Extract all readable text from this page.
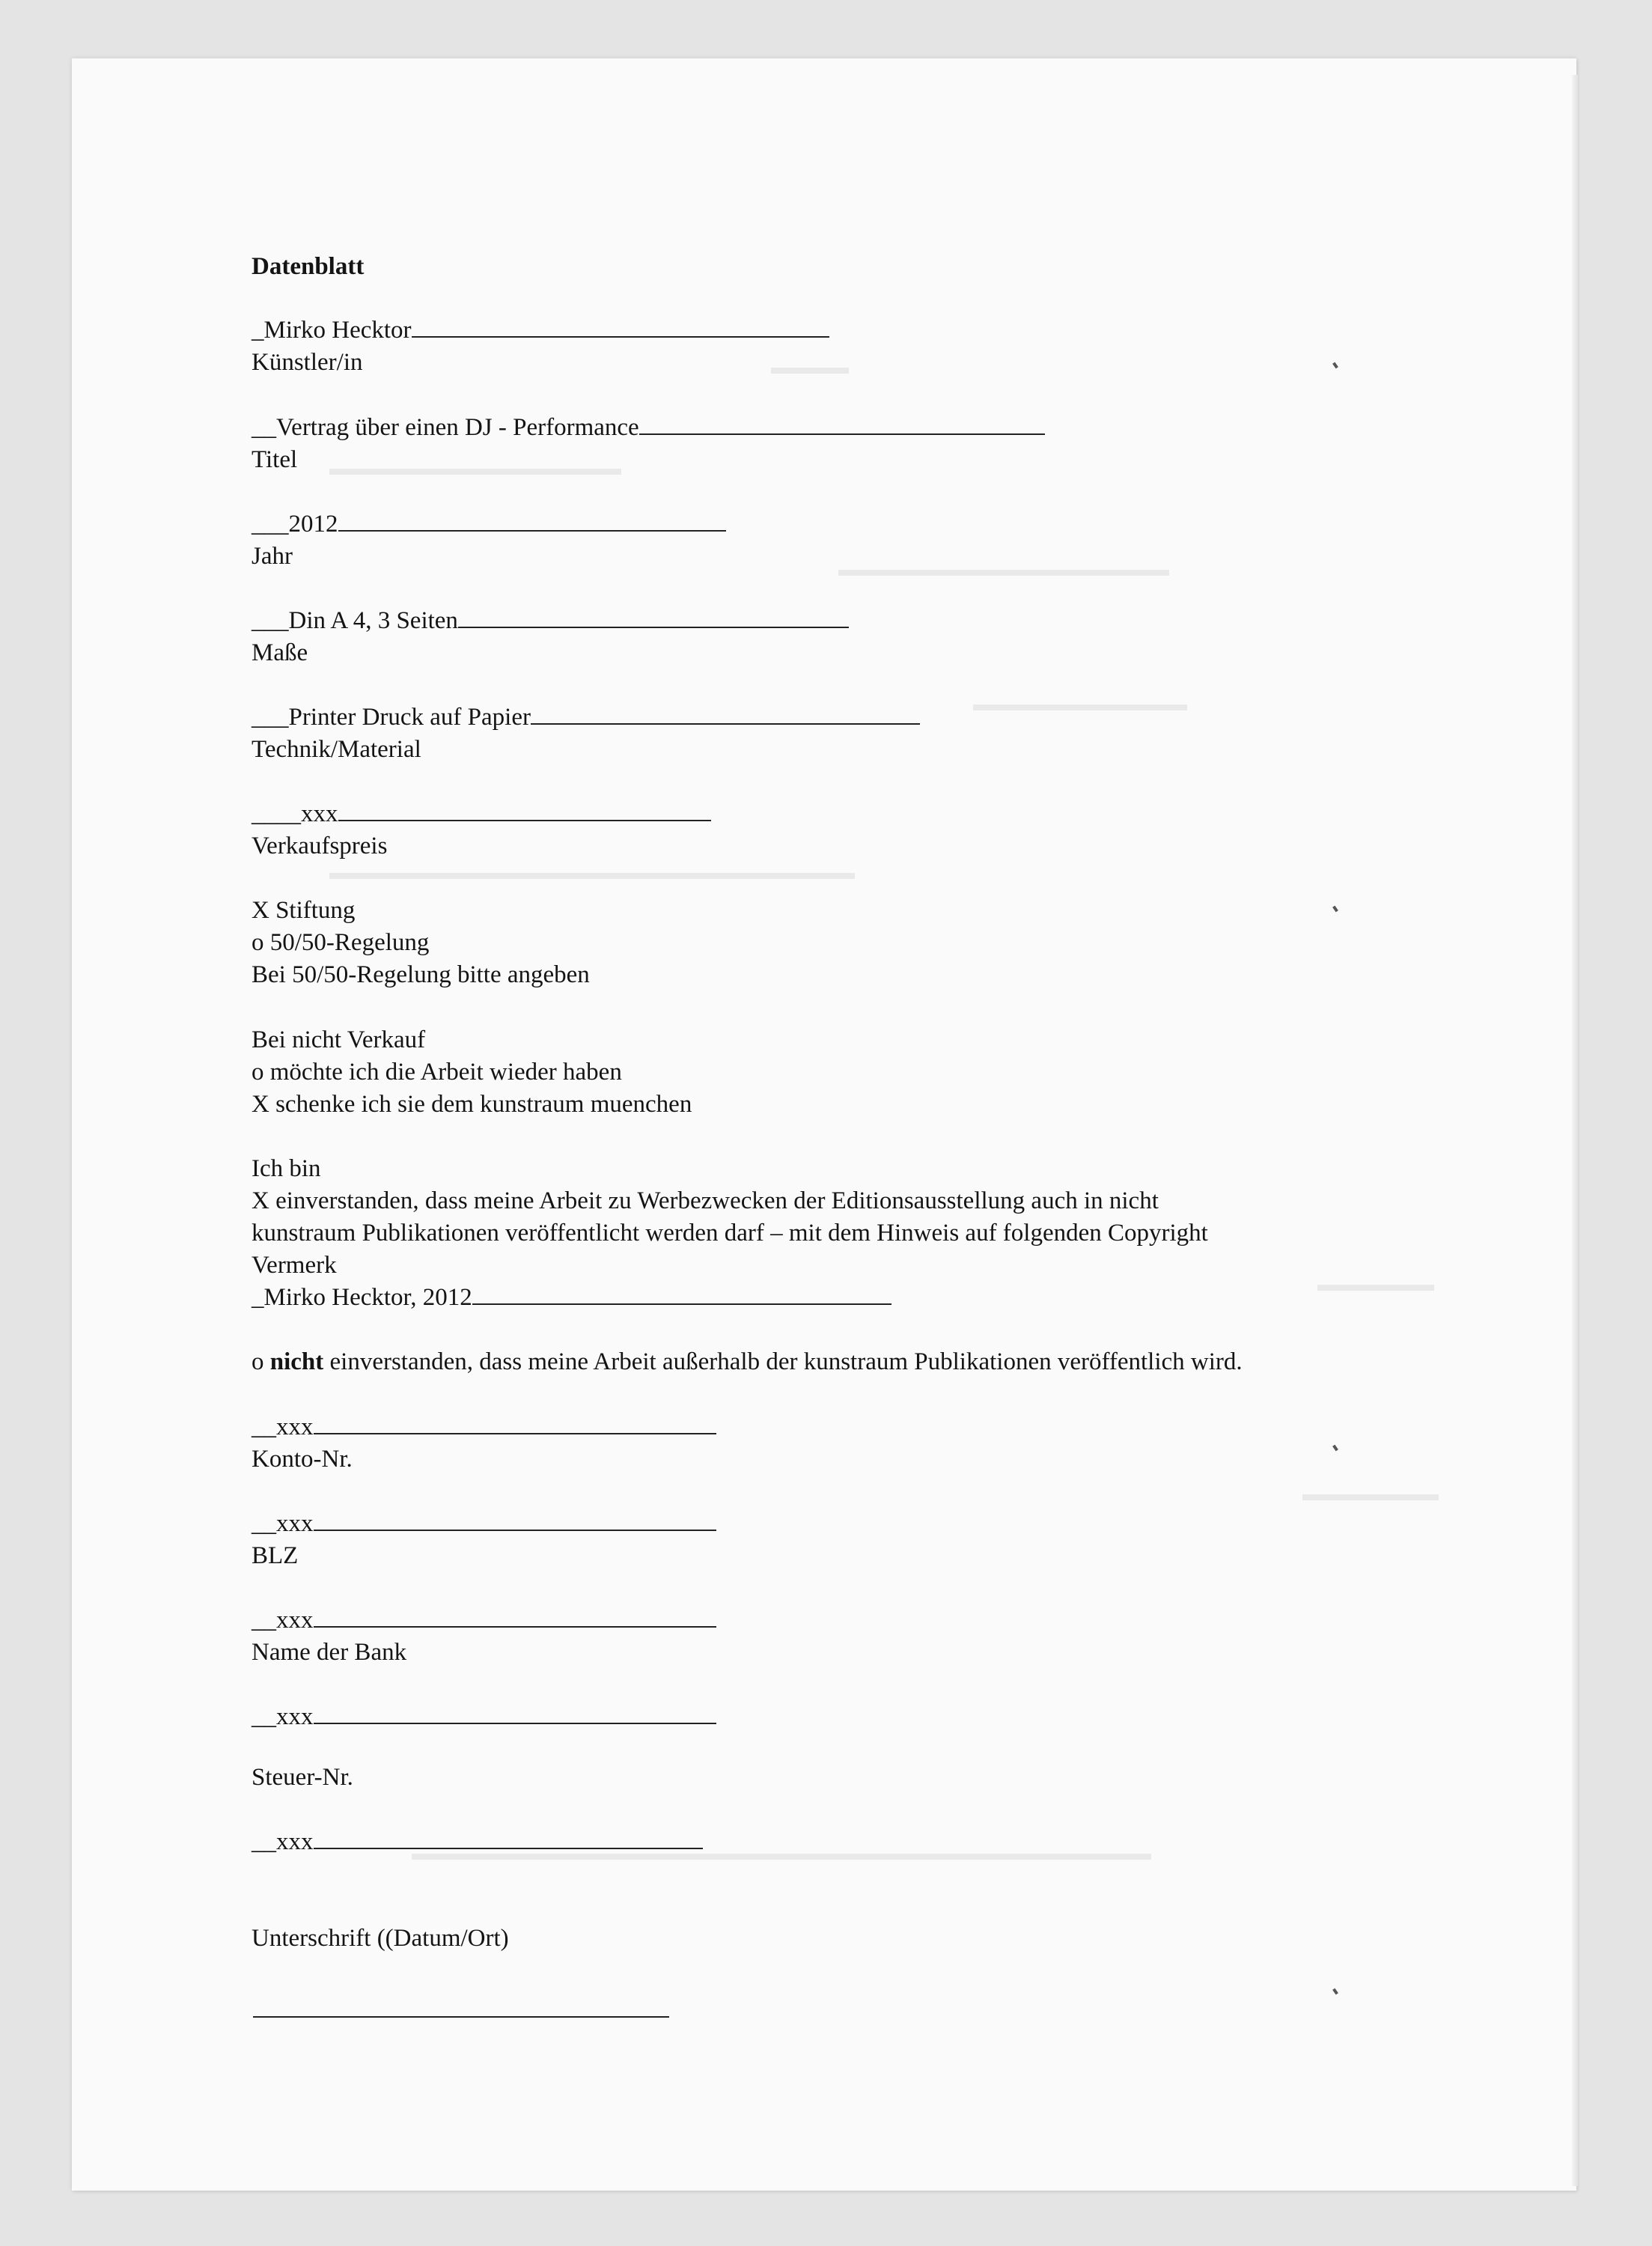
▬▬▬▬
▬▬▬▬▬▬▬▬▬▬▬▬▬▬▬
▬▬▬▬▬▬▬▬▬▬▬▬▬▬▬▬▬
▬▬▬▬▬▬▬▬▬▬▬
▬▬▬▬▬▬▬▬▬▬▬▬▬▬▬▬▬▬▬▬▬▬▬▬▬▬▬
▬▬▬▬▬▬
▬▬▬▬▬▬▬
▬▬▬▬▬▬▬▬▬▬▬▬▬▬▬▬▬▬▬▬▬▬▬▬▬▬▬▬▬▬▬▬▬▬▬▬▬▬
Datenblatt
_Mirko Hecktor
Künstler/in
__Vertrag über einen DJ - Performance
Titel
___2012
Jahr
___Din A 4, 3 Seiten
Maße
___Printer Druck auf Papier
Technik/Material
____xxx
Verkaufspreis
X Stiftung
o 50/50-Regelung
Bei 50/50-Regelung bitte angeben
Bei nicht Verkauf
o möchte ich die Arbeit wieder haben
X schenke ich sie dem kunstraum muenchen
Ich bin
X einverstanden, dass meine Arbeit zu Werbezwecken der Editionsausstellung auch in nicht
kunstraum Publikationen veröffentlicht werden darf – mit dem Hinweis auf folgenden Copyright
Vermerk
_Mirko Hecktor, 2012
o nicht einverstanden, dass meine Arbeit außerhalb der kunstraum Publikationen veröffentlich wird.
__xxx
Konto-Nr.
__xxx
BLZ
__xxx
Name der Bank
__xxx
Steuer-Nr.
__xxx
Unterschrift ((Datum/Ort)
